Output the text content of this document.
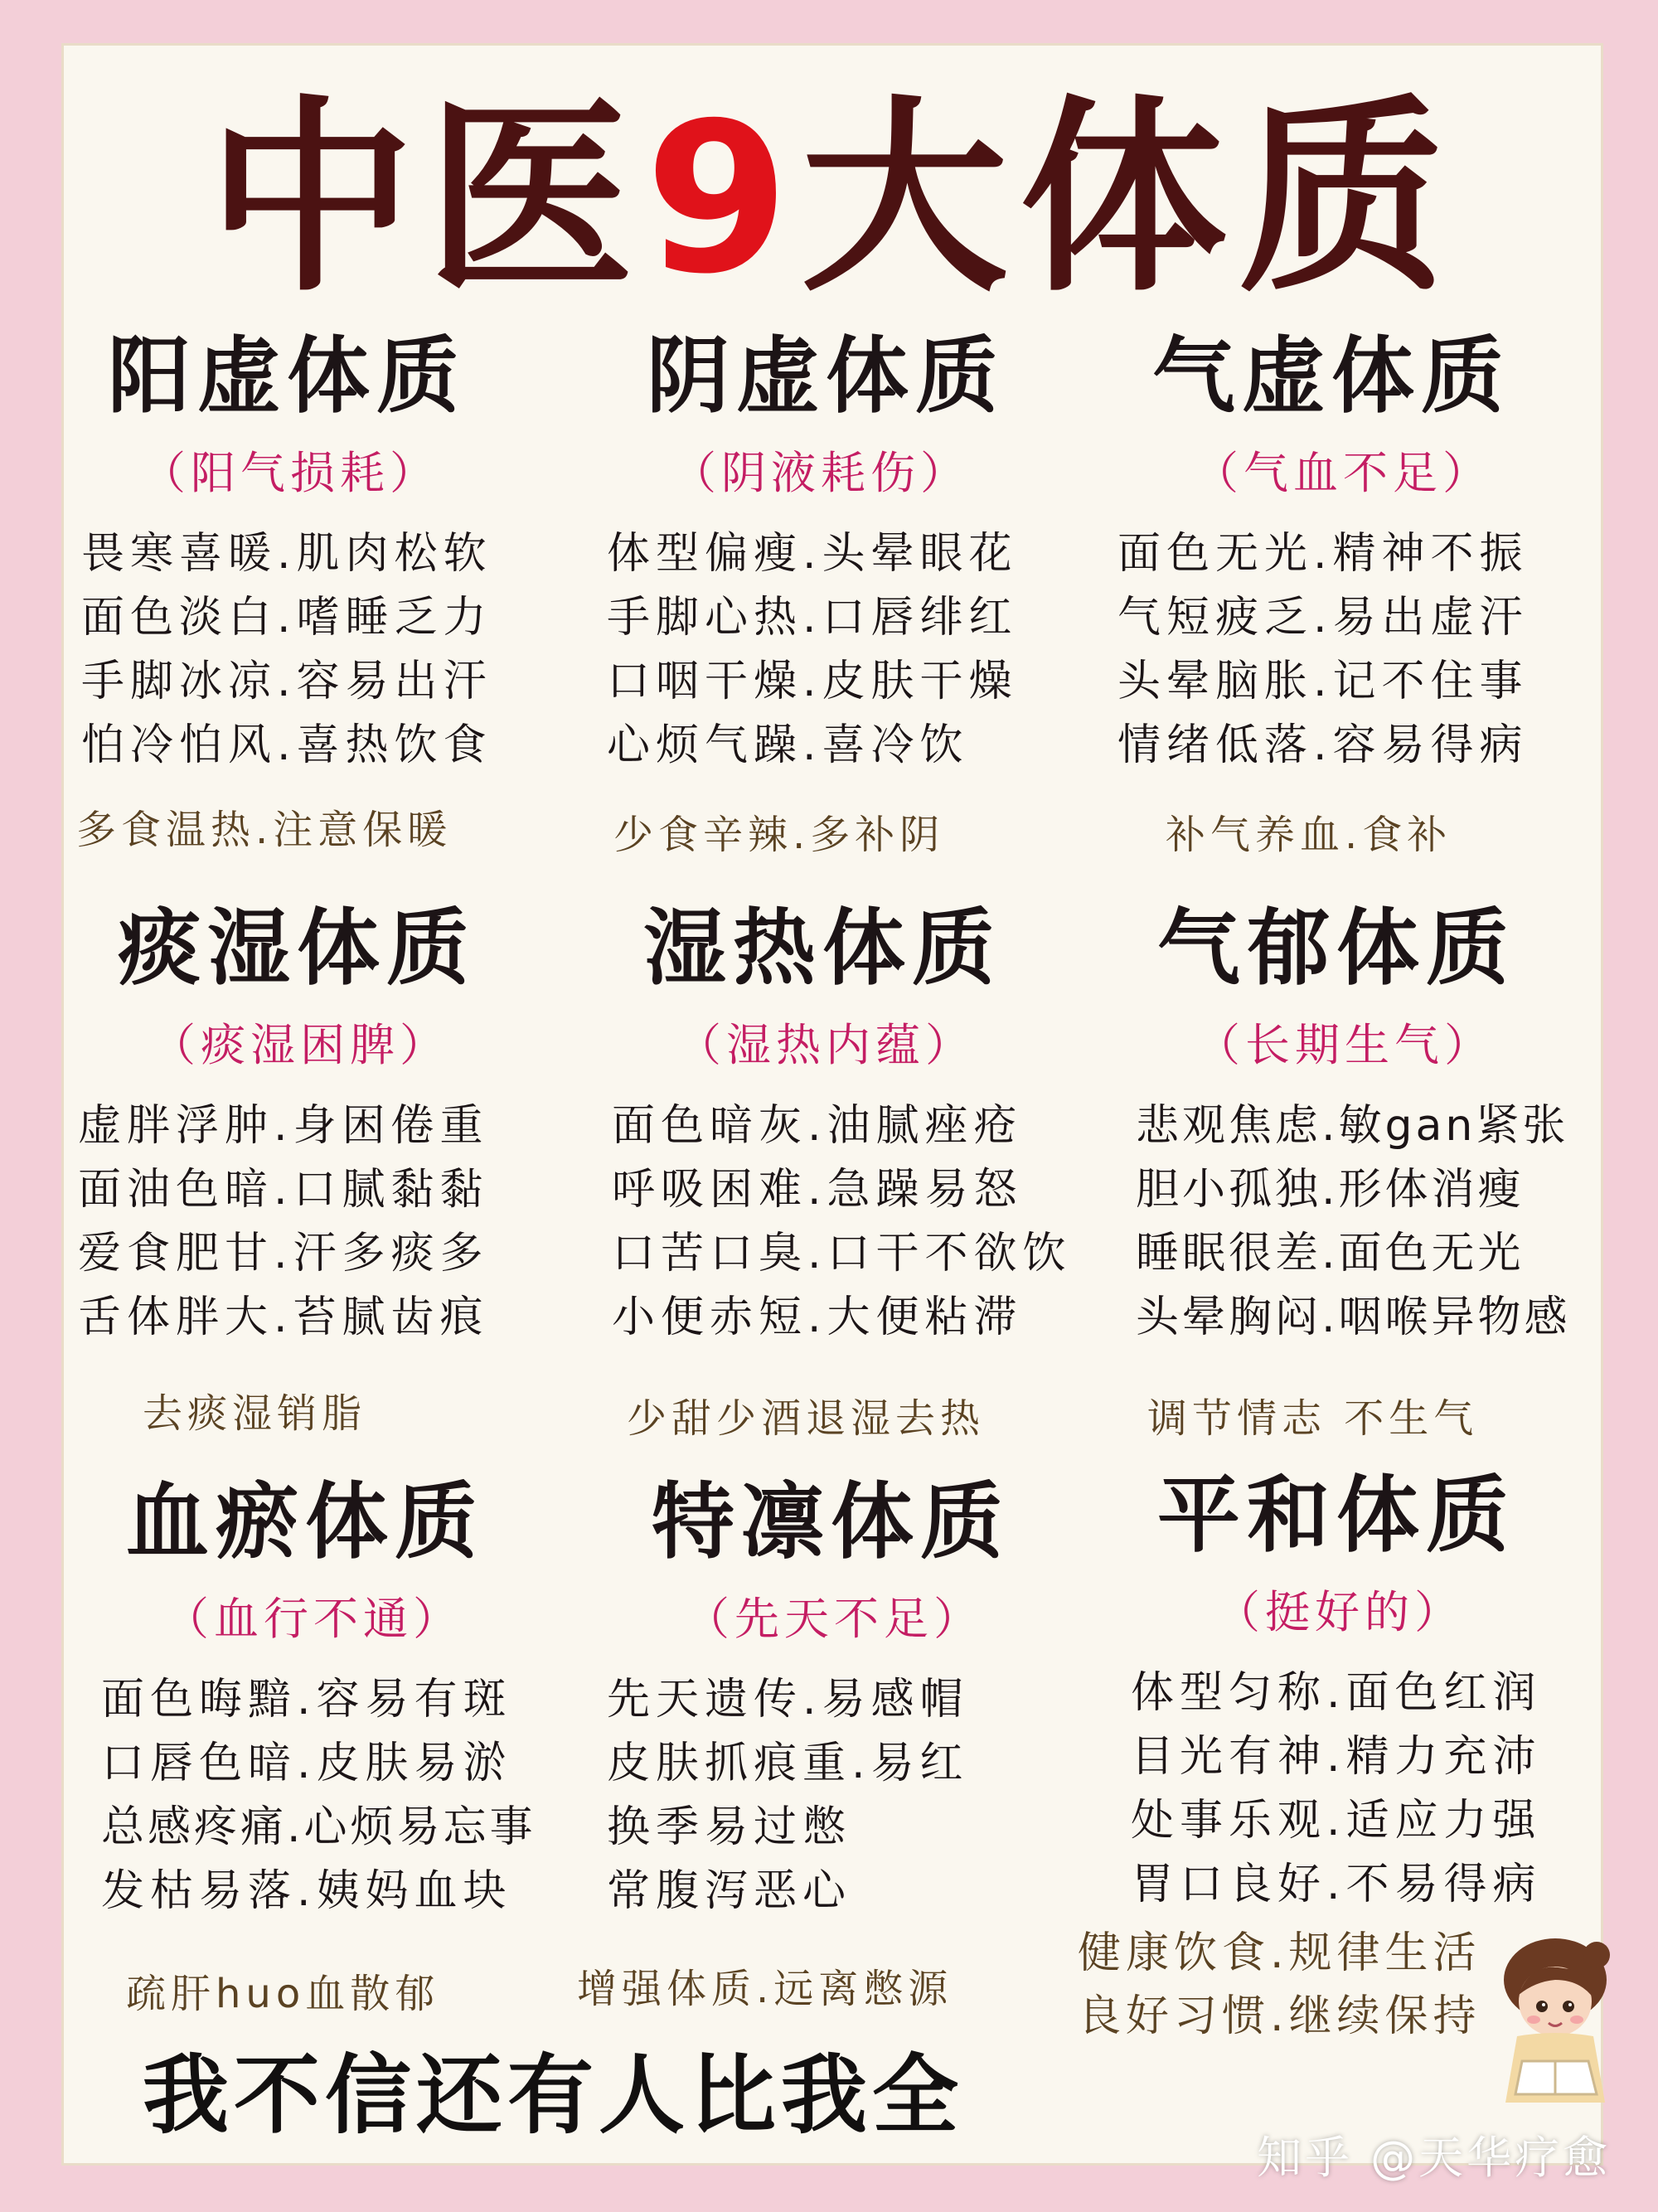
中医9大体质
阳虚体质
（阳气损耗）
畏寒喜暖.肌肉松软
面色淡白.嗜睡乏力
手脚冰凉.容易出汗
怕冷怕风.喜热饮食
多食温热.注意保暖
阴虚体质
（阴液耗伤）
体型偏瘦.头晕眼花
手脚心热.口唇绯红
口咽干燥.皮肤干燥
心烦气躁.喜冷饮
少食辛辣.多补阴
气虚体质
（气血不足）
面色无光.精神不振
气短疲乏.易出虚汗
头晕脑胀.记不住事
情绪低落.容易得病
补气养血.食补
痰湿体质
（痰湿困脾）
虚胖浮肿.身困倦重
面油色暗.口腻黏黏
爱食肥甘.汗多痰多
舌体胖大.苔腻齿痕
去痰湿销脂
湿热体质
（湿热内蕴）
面色暗灰.油腻痤疮
呼吸困难.急躁易怒
口苦口臭.口干不欲饮
小便赤短.大便粘滞
少甜少酒退湿去热
气郁体质
（长期生气）
悲观焦虑.敏gan紧张
胆小孤独.形体消瘦
睡眠很差.面色无光
头晕胸闷.咽喉异物感
调节情志 不生气
血瘀体质
（血行不通）
面色晦黯.容易有斑
口唇色暗.皮肤易淤
总感疼痛.心烦易忘事
发枯易落.姨妈血块
疏肝huo血散郁
特凛体质
（先天不足）
先天遗传.易感帽
皮肤抓痕重.易红
换季易过憋
常腹泻恶心
增强体质.远离憋源
平和体质
（挺好的）
体型匀称.面色红润
目光有神.精力充沛
处事乐观.适应力强
胃口良好.不易得病
健康饮食.规律生活
良好习惯.继续保持
我不信还有人比我全
知乎 @天华疗愈
